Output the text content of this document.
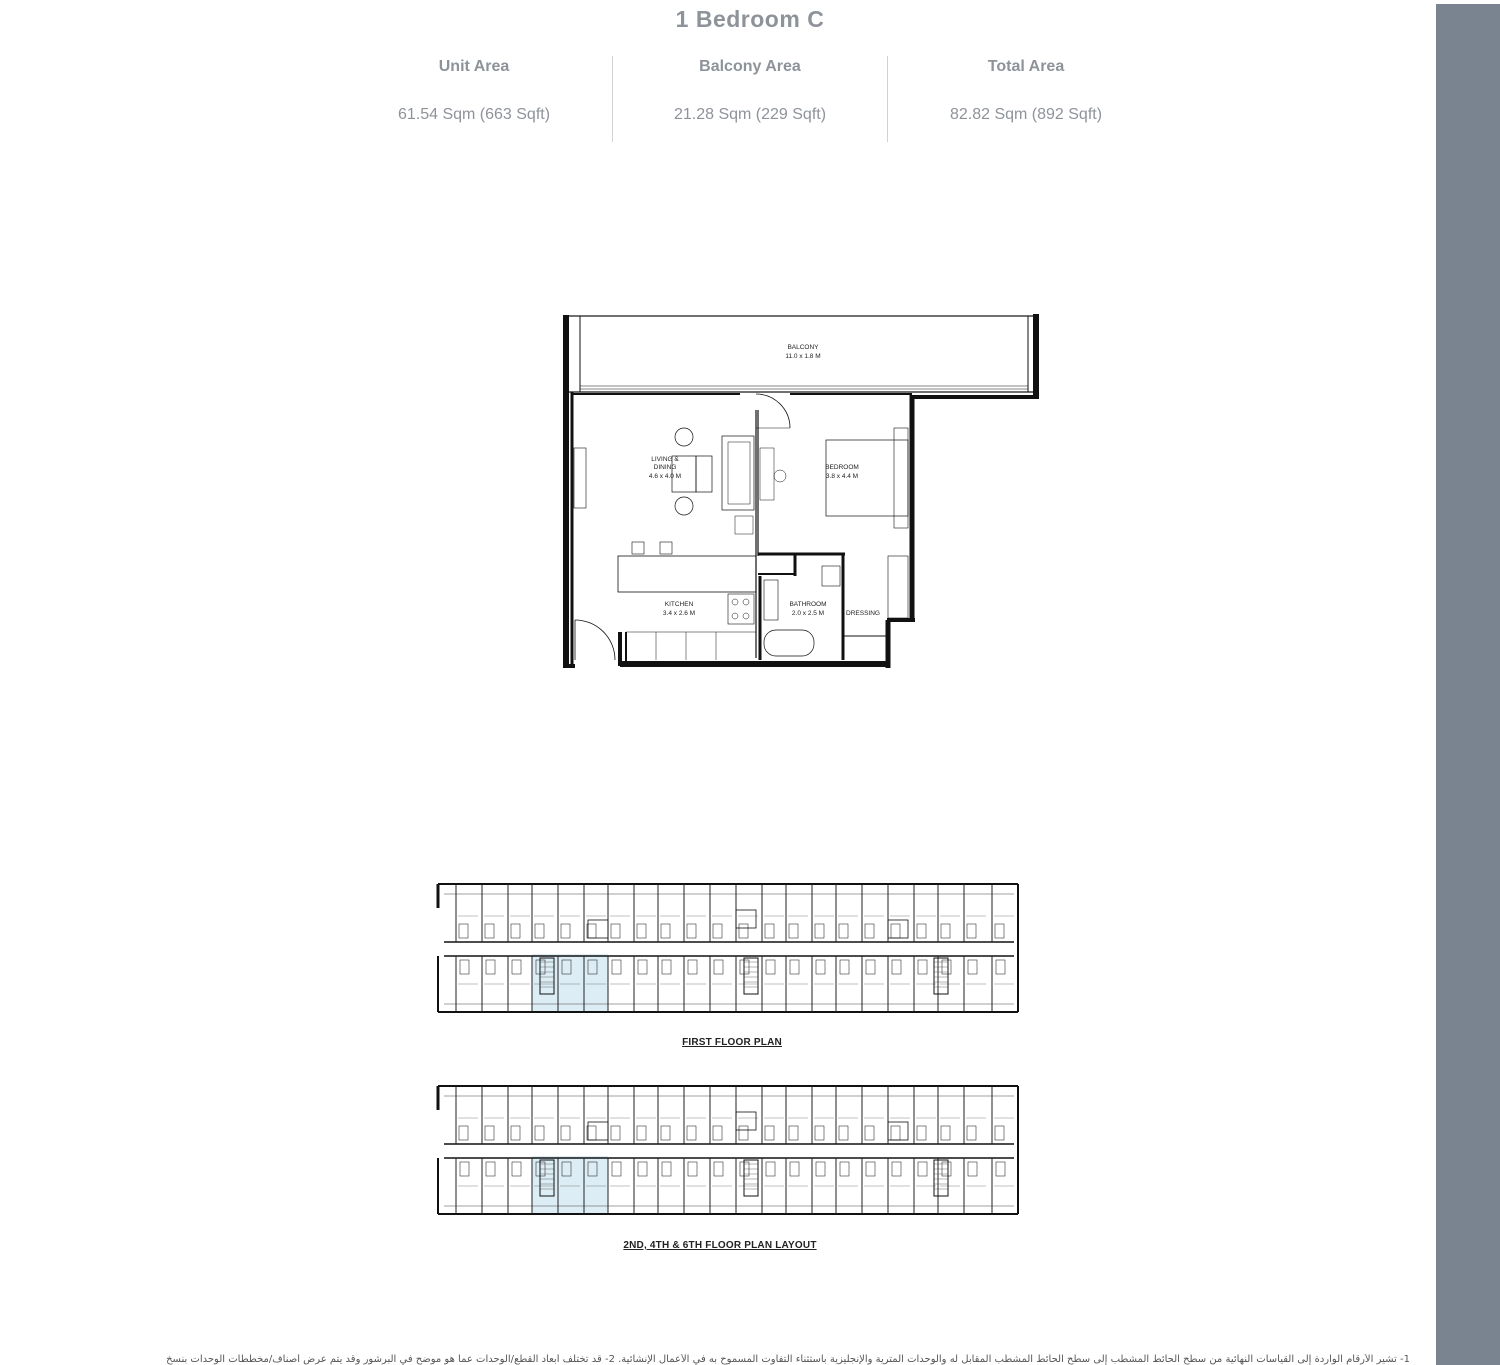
1 Bedroom C
Unit Area
61.54 Sqm (663 Sqft)
Balcony Area
21.28 Sqm (229 Sqft)
Total Area
82.82 Sqm (892 Sqft)
BALCONY
11.0 x 1.8 M
LIVING &
DINING
4.6 x 4.0 M
BEDROOM
3.8 x 4.4 M
KITCHEN
3.4 x 2.6 M
BATHROOM
2.0 x 2.5 M	DRESSING
FIRST FLOOR PLAN
2ND, 4TH & 6TH FLOOR PLAN LAYOUT
1- تشير الأرقام الواردة إلى القياسات النهائية من سطح الحائط المشطب إلى سطح الحائط المشطب المقابل له والوحدات المترية والإنجليزية باستثناء التفاوت المسموح به في الأعمال الإنشائية. 2- قد تختلف أبعاد القطع/الوحدات عما هو موضح في البرشور وقد يتم عرض أصناف/مخططات الوحدات بنسخ
